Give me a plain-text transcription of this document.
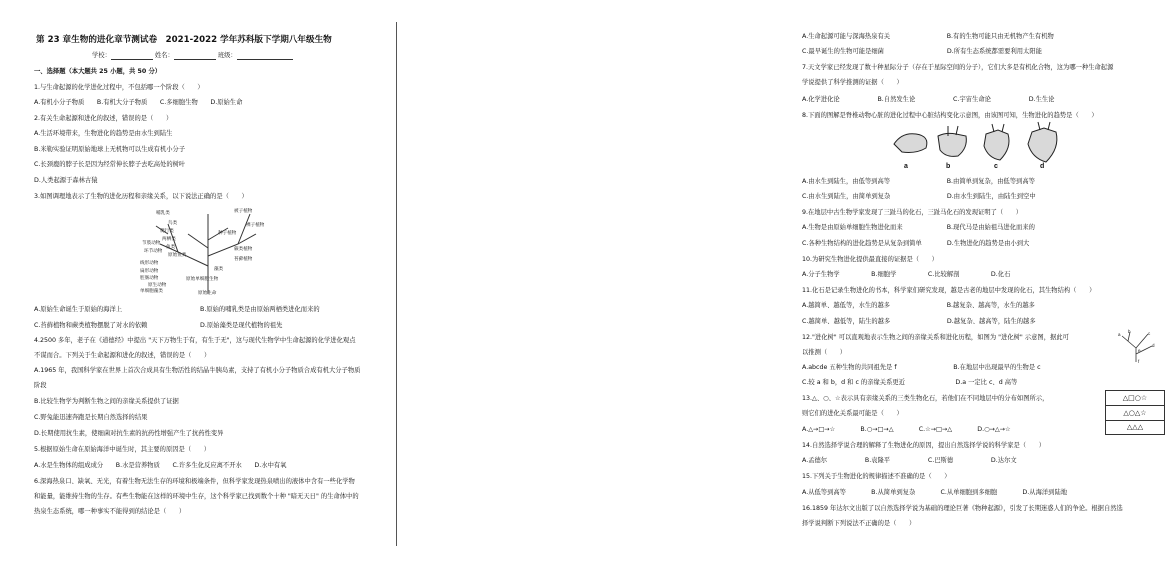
第 23 章生物的进化章节测试卷　2021-2022 学年苏科版下学期八年级生物
学校：	姓名：	班级：
一、选择题（本大题共 25 小题，共 50 分）
1.与生命起源的化学进化过程中，不包括哪一个阶段（　　）
A.有机小分子物质　　B.有机大分子物质　　C.多细胞生物　　D.原始生命
2.有关生命起源和进化的叙述，错误的是（　　）
A.生活环境带来，生物进化的趋势是由水生到陆生
B.米勒实验证明原始地球上无机物可以生成有机小分子
C.长颈鹿的脖子长是因为经常伸长脖子去吃高处的树叶
D.人类起源于森林古猿
3.如图调理地表示了生物的进化历程和亲缘关系，以下说法正确的是（　　）
哺乳类
鸟类
爬行类
两栖类
鱼类
原始鱼类
节肢动物
环节动物
线形动物
扁形动物
腔肠动物
原生动物
单细胞藻类
被子植物
裸子植物
蕨类植物
苔藓植物
藻类
原始生命
原始单细胞生物
种子植物
A.原始生命诞生于原始的海洋上	B.原始的哺乳类是由原始两栖类进化而来的
C.苔藓植物和蕨类植物摆脱了对水的依赖	D.原始藻类是现代植物的祖先
4.2500 多年，老子在《道德经》中提出 "天下万物生于有，有生于无"，这与现代生物学中生命起源的化学进化观点
不谋而合。下列关于生命起源和进化的叙述，错误的是（　　）
A.1965 年，我国科学家在世界上首次合成具有生物活性的结晶牛胰岛素，支持了有机小分子物质合成有机大分子物质
阶段
B.比较生物学为判断生物之间的亲缘关系提供了证据
C.野兔能迅速奔跑是长期自然选择的结果
D.长期使用抗生素，使细菌对抗生素的抗药性增强产生了抗药性变异
5.根据原始生命在原始海洋中诞生时，其主要的原因是（　　）
A.水是生物体的组成成分　　B.水是营养物质　　C.许多生化反应离不开水　　D.水中有氧
6.深海热泉口、缺氧、无光，有着生物无法生存的环境和极端条件，但科学家发现热泉喷出的液体中含有一些化学物
和能量，能维持生物的生存。有些生物能在这样的环境中生存，这个科学家已找到数个十种 "暗无天日" 的生命体中的
热泉生态系统，哪一种事实不能得到的结论是（　　）
A.生命起源可能与深海热泉有关　　　　　　　　　B.有的生物可能只由无机物产生有机物
C.最早诞生的生物可能是细菌　　　　　　　　　　D.所有生态系统都需要利用太阳能
7.天文学家已经发现了数十种星际分子（存在于星际空间的分子），它们大多是有机化合物，这为哪一种生命起源
学说提供了科学推测的证据（　　）
A.化学进化论　　　　　　B.自然发生论　　　　　　C.宇宙生命论　　　　　　D.生生论
8.下面的图解是脊椎动物心脏的进化过程中心脏结构变化示意图，由该图可知，生物进化的趋势是（　　）
a	b	c	d
A.由水生到陆生，由低等到高等　　　　　　　　　B.由简单到复杂，由低等到高等
C.由水生到陆生，由简单到复杂　　　　　　　　　D.由水生到陆生，由陆生到空中
9.在地层中古生物学家发现了三趾马的化石，三趾马化石的发现证明了（　　）
A.生物是由原始单细胞生物进化而来　　　　　　　B.现代马是由始祖马进化而来的
C.各种生物结构的进化趋势是从复杂到简单　　　　D.生物进化的趋势是由小到大
10.为研究生物进化提供最直接的证据是（　　）
A.分子生物学　　　　　B.细胞学　　　　　C.比较解剖　　　　　D.化石
11.化石是记录生物进化的书本，科学家们研究发现，越是古老的地层中发现的化石，其生物结构（　　）
A.越简单、越低等，水生的越多　　　　　　　　　B.越复杂、越高等，水生的越多
C.越简单、越低等，陆生的越多　　　　　　　　　D.越复杂、越高等，陆生的越多
12."进化树" 可以直观地表示生物之间的亲缘关系和进化历程，如图为 "进化树" 示意图，据此可
以推测（　　）
a
b	c
d
e
f
A.abcde 五种生物的共同祖先是 f　　　　　　　　　B.在地层中出现最早的生物是 c
C.较 a 和 b，d 和 c 的亲缘关系更近　　　　　　　　D.a 一定比 c、d 高等
13.△、○、☆表示具有亲缘关系的三类生物化石，若他们在不同地层中的分布如图所示，
则它们的进化关系最可能是（　　）
△□○☆
△○△☆
△△△
A.△→□→☆　　　　B.○→□→△　　　　C.☆→□→△　　　　D.○→△→☆
14.自然选择学说合理的解释了生物进化的原因，提出自然选择学说的科学家是（　　）
A.孟德尔　　　　　　B.袁隆平　　　　　　C.巴斯德　　　　　　D.达尔文
15.下列关于生物进化的规律描述不准确的是（　　）
A.从低等到高等　　　　B.从简单到复杂　　　　C.从单细胞到多细胞　　　　D.从海洋到陆地
16.1859 年达尔文出版了以自然选择学说为基础的理论巨著《物种起源》，引发了长期迷惑人们的争论。根据自然选
择学说判断下列说法不正确的是（　　）
